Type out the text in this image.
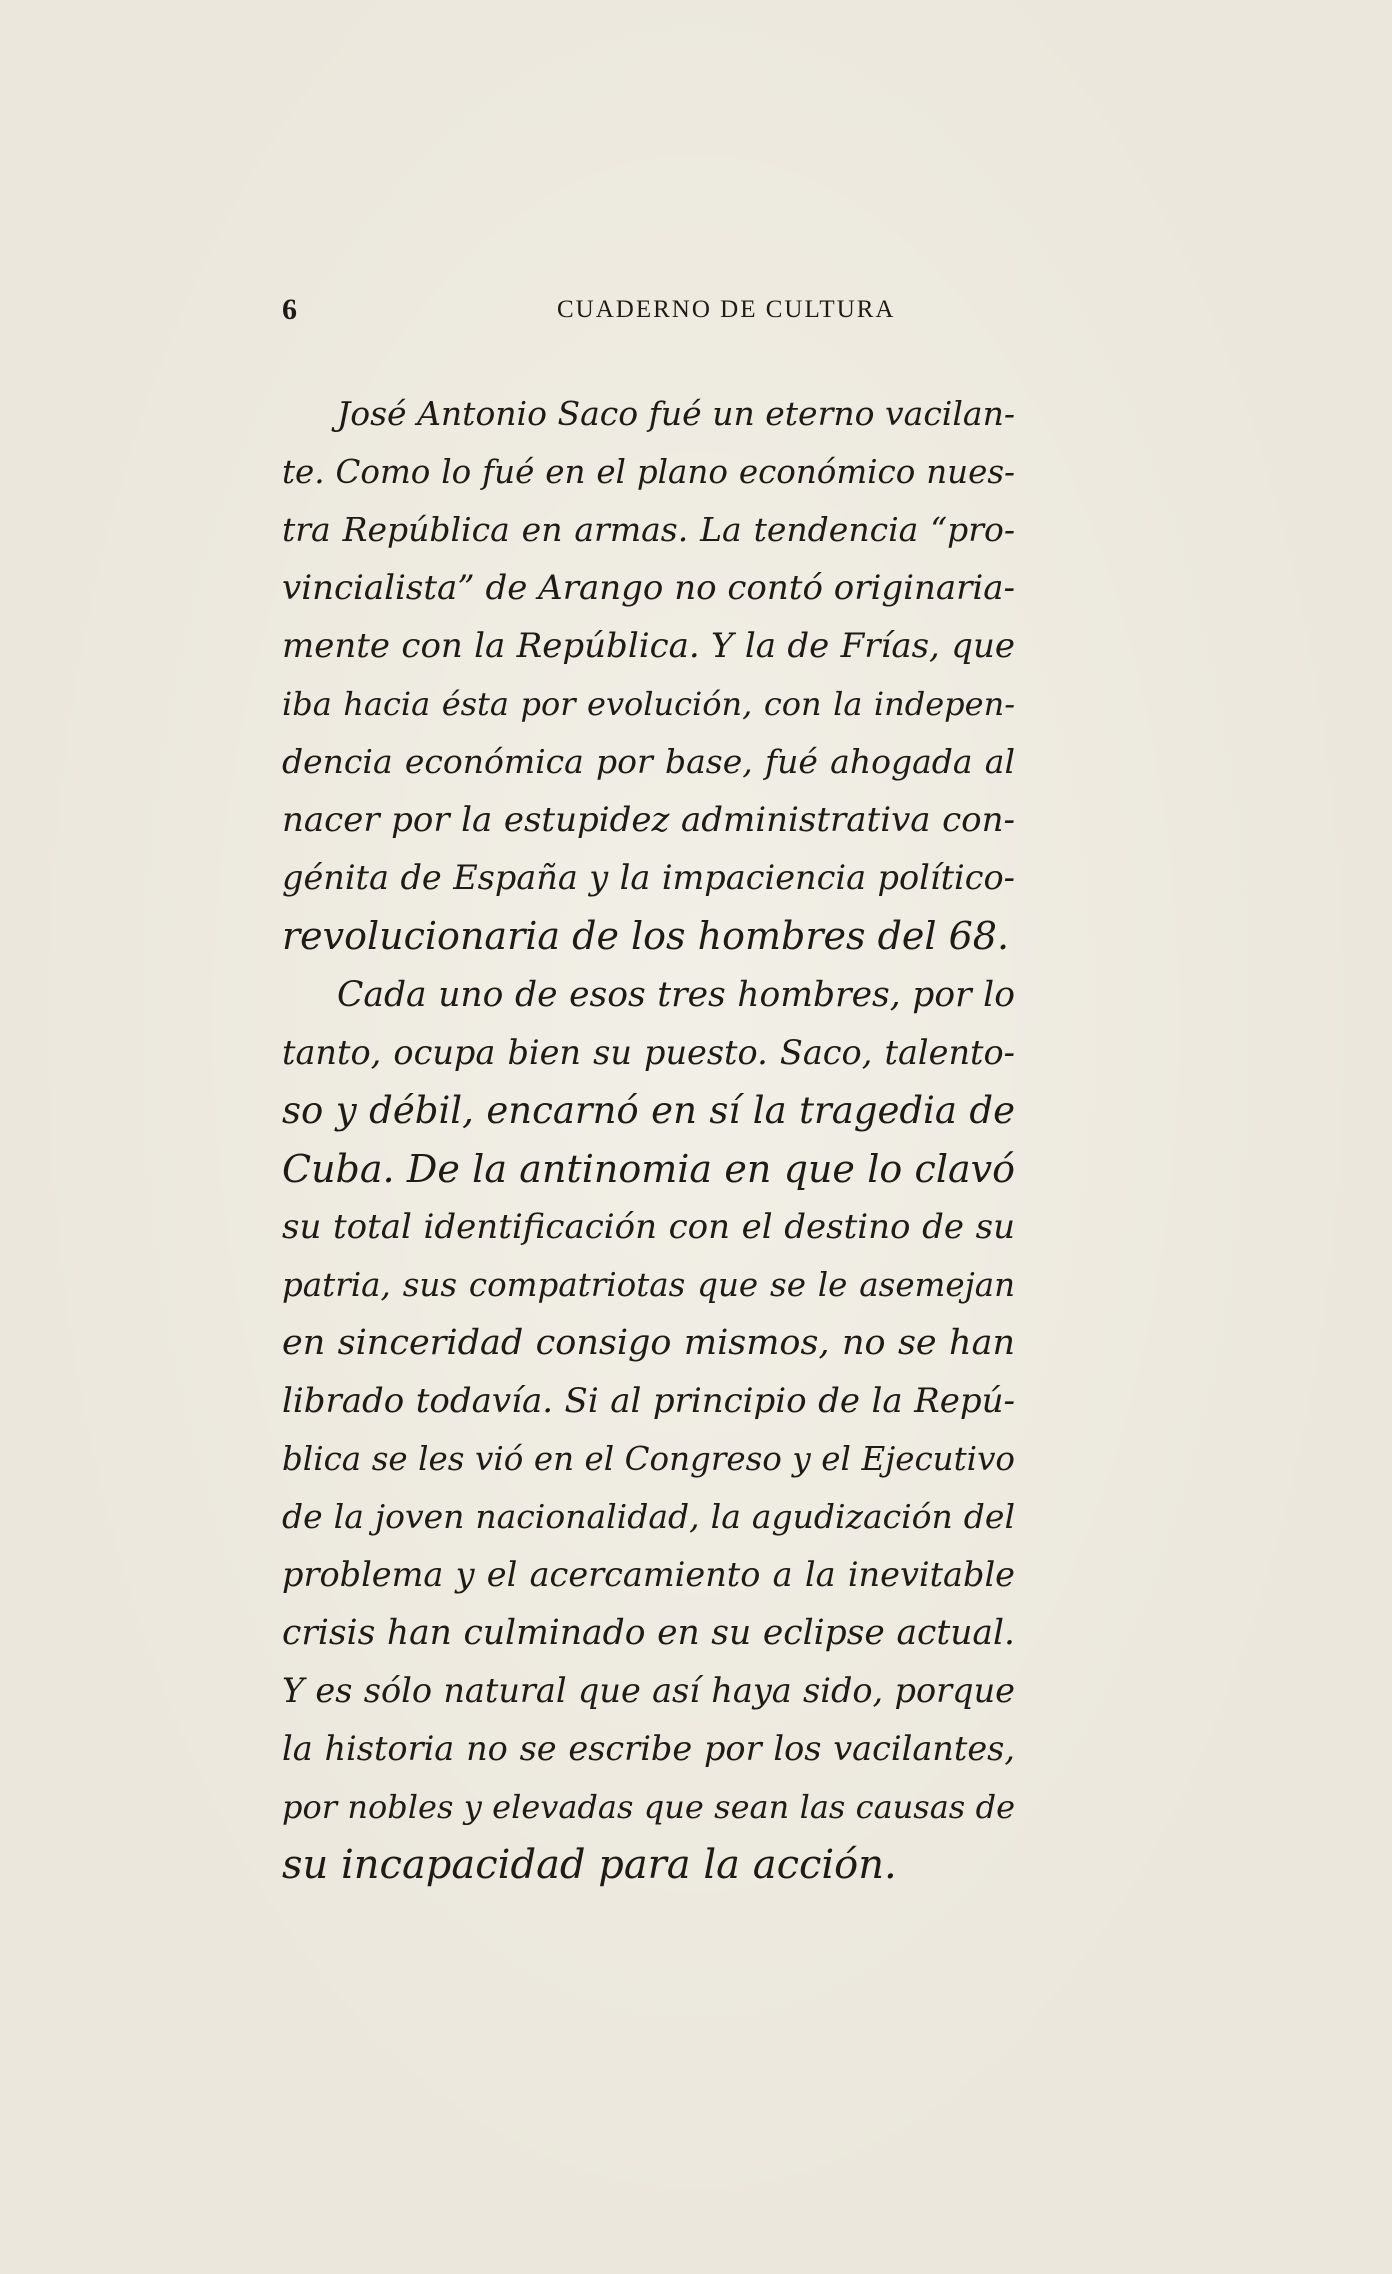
6	CUADERNO DE CULTURA
José Antonio Saco fué un eterno vacilan-
te. Como lo fué en el plano económico nues-
tra República en armas. La tendencia “pro-
vincialista” de Arango no contó originaria-
mente con la República. Y la de Frías, que
iba hacia ésta por evolución, con la indepen-
dencia económica por base, fué ahogada al
nacer por la estupidez administrativa con-
génita de España y la impaciencia político-
revolucionaria de los hombres del 68.
Cada uno de esos tres hombres, por lo
tanto, ocupa bien su puesto. Saco, talento-
so y débil, encarnó en sí la tragedia de
Cuba. De la antinomia en que lo clavó
su total identificación con el destino de su
patria, sus compatriotas que se le asemejan
en sinceridad consigo mismos, no se han
librado todavía. Si al principio de la Repú-
blica se les vió en el Congreso y el Ejecutivo
de la joven nacionalidad, la agudización del
problema y el acercamiento a la inevitable
crisis han culminado en su eclipse actual.
Y es sólo natural que así haya sido, porque
la historia no se escribe por los vacilantes,
por nobles y elevadas que sean las causas de
su incapacidad para la acción.
